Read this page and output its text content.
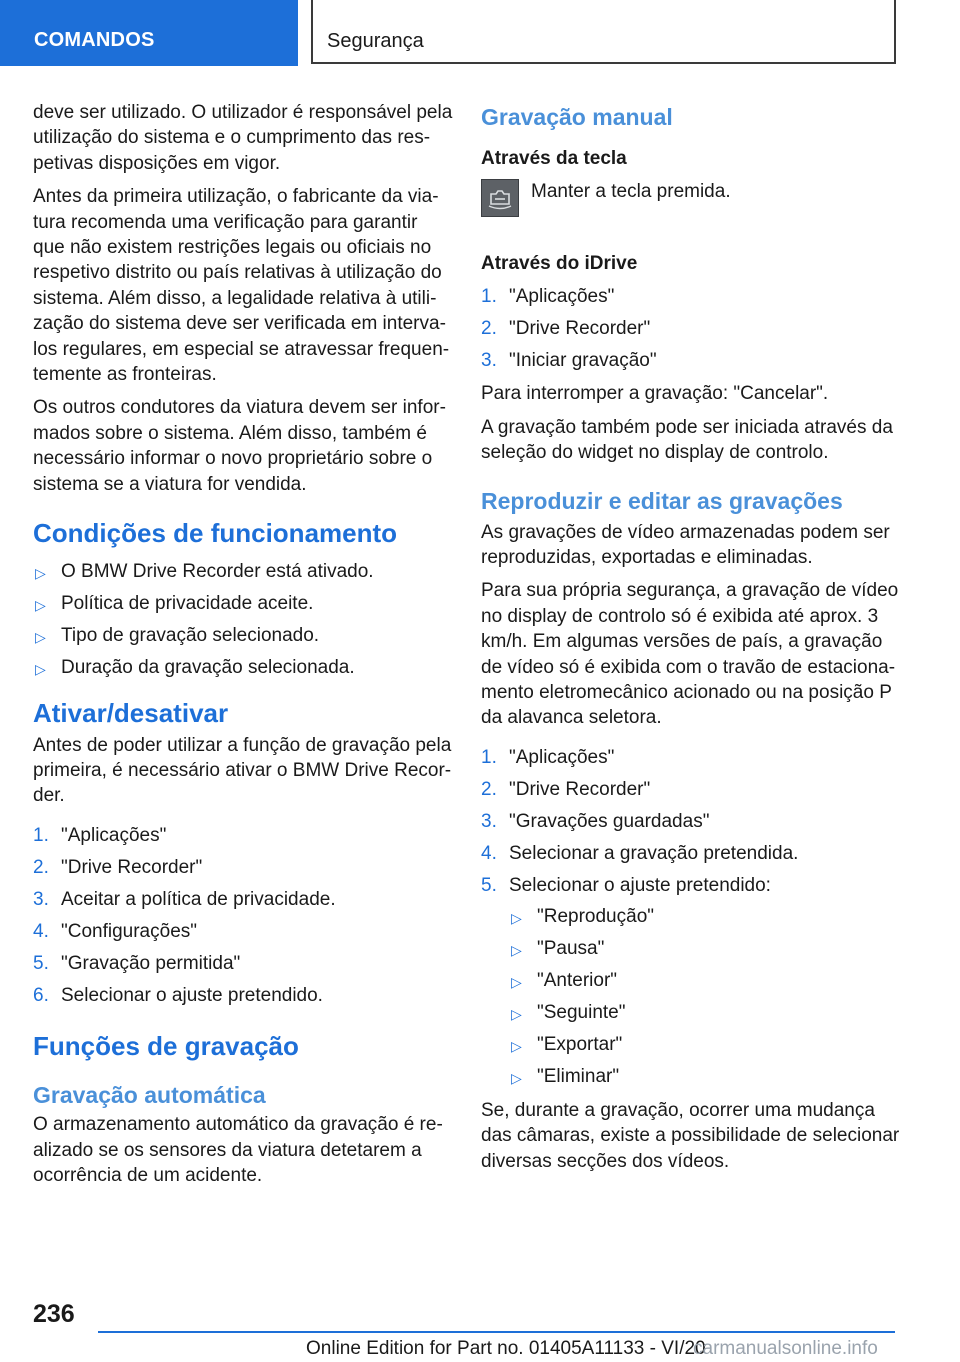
COMANDOS	Segurança

deve ser utilizado. O utilizador é responsável pela utilização do sistema e o cumprimento das respetivas disposições em vigor.

Antes da primeira utilização, o fabricante da viatura recomenda uma verificação para garantir que não existem restrições legais ou oficiais no respetivo distrito ou país relativas à utilização do sistema. Além disso, a legalidade relativa à utilização do sistema deve ser verificada em intervalos regulares, em especial se atravessar frequentemente as fronteiras.

Os outros condutores da viatura devem ser informados sobre o sistema. Além disso, também é necessário informar o novo proprietário sobre o sistema se a viatura for vendida.

Condições de funcionamento
▷ O BMW Drive Recorder está ativado.
▷ Política de privacidade aceite.
▷ Tipo de gravação selecionado.
▷ Duração da gravação selecionada.
Ativar/desativar

Antes de poder utilizar a função de gravação pela primeira, é necessário ativar o BMW Drive Recorder.

1. "Aplicações"
2. "Drive Recorder"
3. Aceitar a política de privacidade.
4. "Configurações"
5. "Gravação permitida"
6. Selecionar o ajuste pretendido.
Funções de gravação
Gravação automática

O armazenamento automático da gravação é realizado se os sensores da viatura detetarem a ocorrência de um acidente.

Gravação manual
Através da tecla
Manter a tecla premida.
Através do iDrive
1. "Aplicações"
2. "Drive Recorder"
3. "Iniciar gravação"

Para interromper a gravação: "Cancelar".

A gravação também pode ser iniciada através da seleção do widget no display de controlo.

Reproduzir e editar as gravações

As gravações de vídeo armazenadas podem ser reproduzidas, exportadas e eliminadas.

Para sua própria segurança, a gravação de vídeo no display de controlo só é exibida até aprox. 3 km/h. Em algumas versões de país, a gravação de vídeo só é exibida com o travão de estacionamento eletromecânico acionado ou na posição P da alavanca seletora.

1. "Aplicações"
2. "Drive Recorder"
3. "Gravações guardadas"
4. Selecionar a gravação pretendida.
5. Selecionar o ajuste pretendido:
▷ "Reprodução"
▷ "Pausa"
▷ "Anterior"
▷ "Seguinte"
▷ "Exportar"
▷ "Eliminar"

Se, durante a gravação, ocorrer uma mudança das câmaras, existe a possibilidade de selecionar diversas secções dos vídeos.

236
Online Edition for Part no. 01405A11133 - VI/20
carmanualsonline.info
